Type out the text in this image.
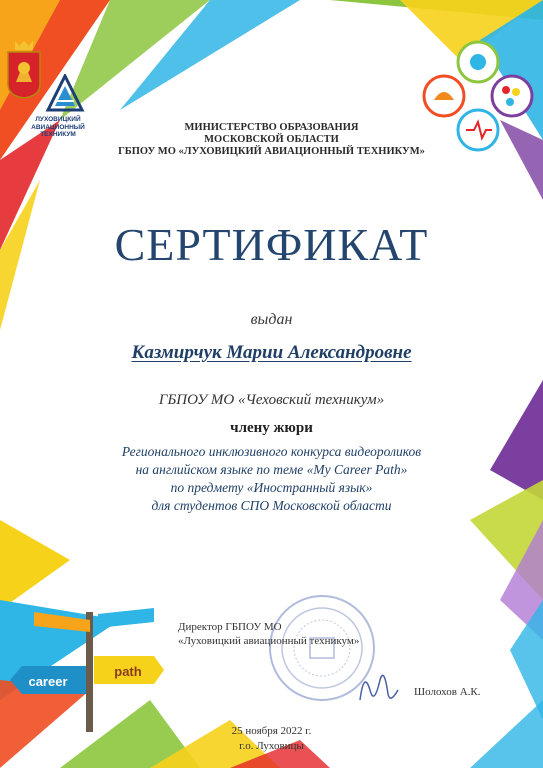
ЛУХОВИЦКИЙ
АВИАЦИОННЫЙ
ТЕХНИКУМ
МИНИСТЕРСТВО ОБРАЗОВАНИЯ
МОСКОВСКОЙ ОБЛАСТИ
ГБПОУ МО «ЛУХОВИЦКИЙ АВИАЦИОННЫЙ ТЕХНИКУМ»
СЕРТИФИКАТ
выдан
Казмирчук Марии Александровне
ГБПОУ МО «Чеховский техникум»
члену жюри
Регионального инклюзивного конкурса видеороликов
на английском языке по теме «My Career Path»
по предмету «Иностранный язык»
для студентов СПО Московской области
Директор ГБПОУ МО
«Луховицкий авиационный техникум»
Шолохов А.К.
career
path
25 ноября 2022 г.
г.о. Луховицы
